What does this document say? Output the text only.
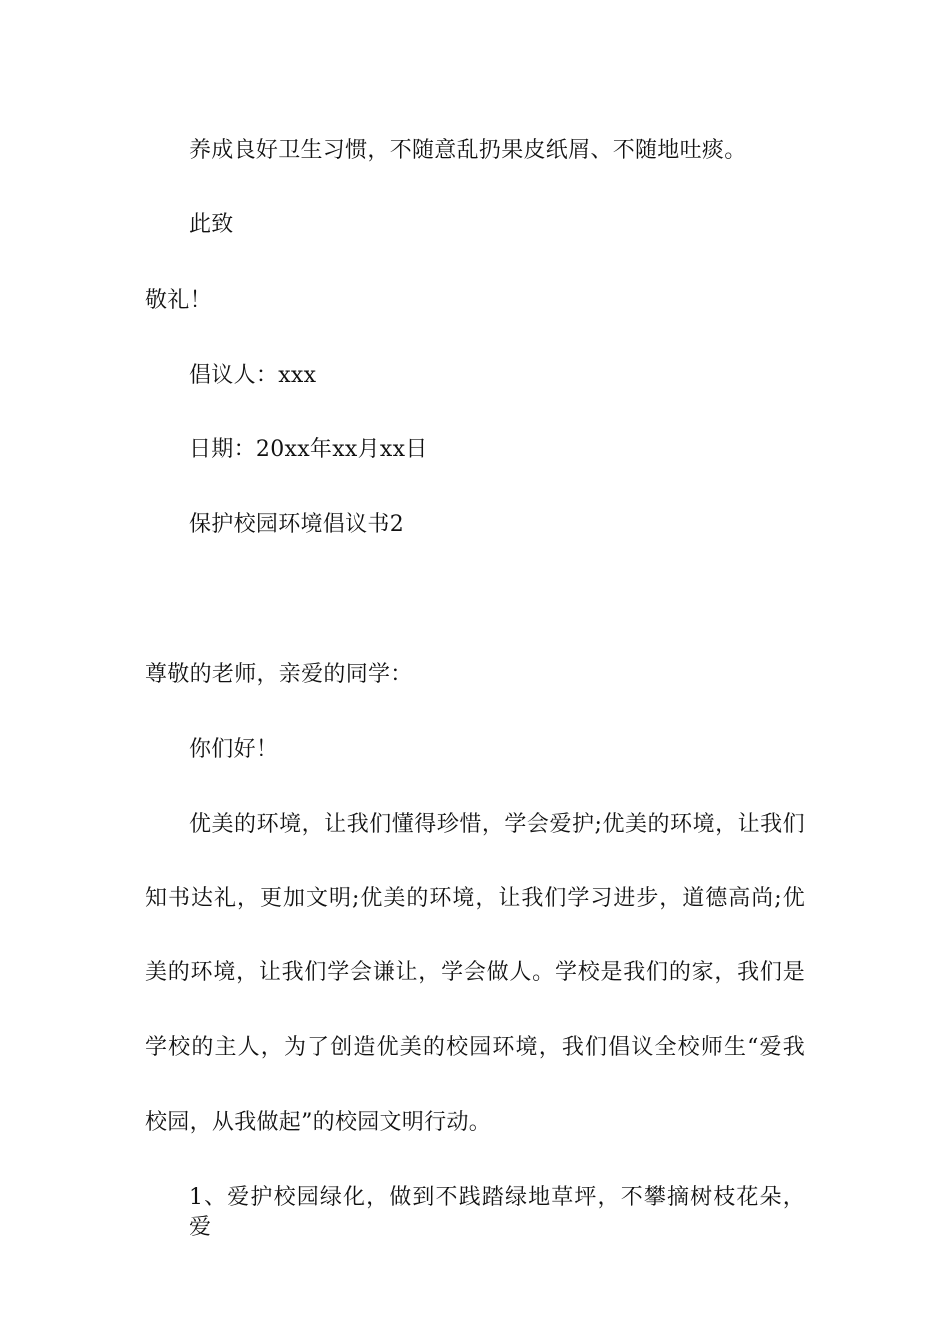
养成良好卫生习惯，不随意乱扔果皮纸屑、不随地吐痰。
此致
敬礼！
倡议人：xxx
日期：20xx年xx月xx日
保护校园环境倡议书2
尊敬的老师，亲爱的同学：
你们好！
优美的环境，让我们懂得珍惜，学会爱护;优美的环境，让我们
知书达礼，更加文明;优美的环境，让我们学习进步，道德高尚;优
美的环境，让我们学会谦让，学会做人。学校是我们的家，我们是
学校的主人，为了创造优美的校园环境，我们倡议全校师生“爱我
校园，从我做起”的校园文明行动。
1、爱护校园绿化，做到不践踏绿地草坪，不攀摘树枝花朵，爱
